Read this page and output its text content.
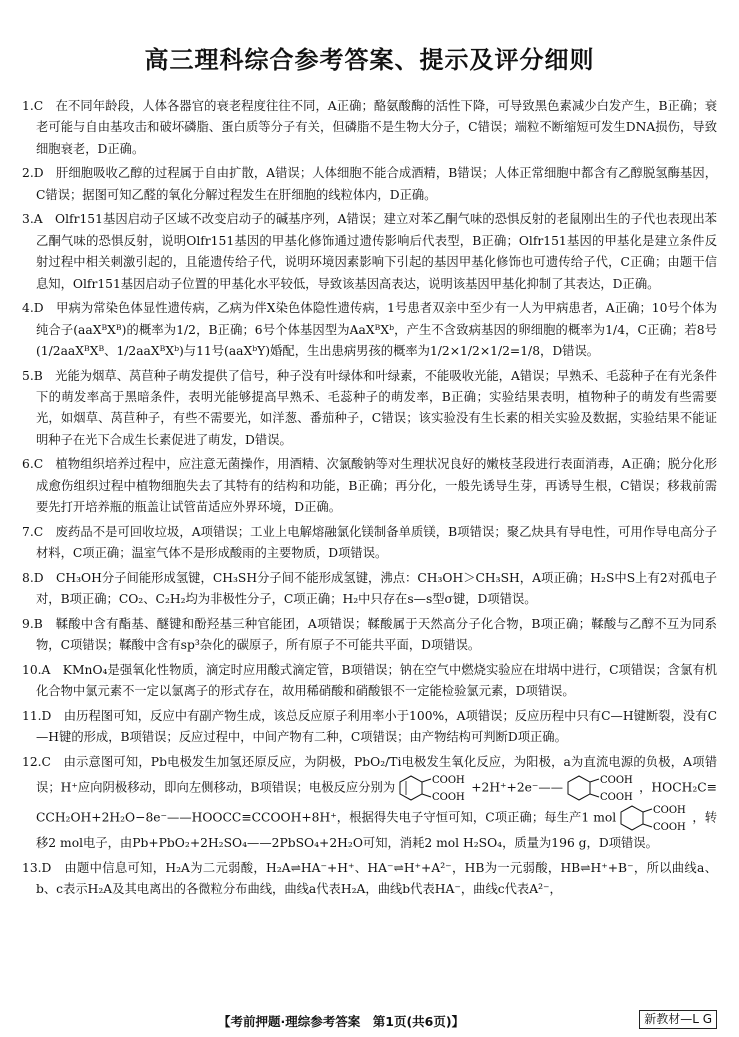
高三理科综合参考答案、提示及评分细则

1.C　 在不同年龄段，人体各器官的衰老程度往往不同，A正确；酪氨酸酶的活性下降，可导致黑色素减少白发产生，B正确；衰老可能与自由基攻击和破坏磷脂、蛋白质等分子有关，但磷脂不是生物大分子，C错误；端粒不断缩短可发生DNA损伤，导致细胞衰老，D正确。

2.D　 肝细胞吸收乙醇的过程属于自由扩散，A错误；人体细胞不能合成酒精，B错误；人体正常细胞中都含有乙醇脱氢酶基因，C错误；据图可知乙醛的氧化分解过程发生在肝细胞的线粒体内，D正确。

3.A　 Olfr151基因启动子区域不改变启动子的碱基序列，A错误；建立对苯乙酮气味的恐惧反射的老鼠刚出生的子代也表现出苯乙酮气味的恐惧反射，说明Olfr151基因的甲基化修饰通过遗传影响后代表型，B正确；Olfr151基因的甲基化是建立条件反射过程中相关刺激引起的，且能遗传给子代，说明环境因素影响下引起的基因甲基化修饰也可遗传给子代，C正确；由题干信息知，Olfr151基因启动子位置的甲基化水平较低，导致该基因高表达，说明该基因甲基化抑制了其表达，D正确。

4.D　 甲病为常染色体显性遗传病，乙病为伴X染色体隐性遗传病，1号患者双亲中至少有一人为甲病患者，A正确；10号个体为纯合子(aaXᴮXᴮ)的概率为1/2，B正确；6号个体基因型为AaXᴮXᵇ，产生不含致病基因的卵细胞的概率为1/4，C正确；若8号(1/2aaXᴮXᴮ、1/2aaXᴮXᵇ)与11号(aaXᵇY)婚配，生出患病男孩的概率为1/2×1/2×1/2=1/8，D错误。

5.B　 光能为烟草、莴苣种子萌发提供了信号，种子没有叶绿体和叶绿素，不能吸收光能，A错误；早熟禾、毛蕊种子在有光条件下的萌发率高于黑暗条件，表明光能够提高早熟禾、毛蕊种子的萌发率，B正确；实验结果表明，植物种子的萌发有些需要光，如烟草、莴苣种子，有些不需要光，如洋葱、番茄种子，C错误；该实验没有生长素的相关实验及数据，实验结果不能证明种子在光下合成生长素促进了萌发，D错误。

6.C　 植物组织培养过程中，应注意无菌操作，用酒精、次氯酸钠等对生理状况良好的嫩枝茎段进行表面消毒，A正确；脱分化形成愈伤组织过程中植物细胞失去了其特有的结构和功能，B正确；再分化，一般先诱导生芽，再诱导生根，C错误；移栽前需要先打开培养瓶的瓶盖让试管苗适应外界环境，D正确。

7.C　 废药品不是可回收垃圾，A项错误；工业上电解熔融氯化镁制备单质镁，B项错误；聚乙炔具有导电性，可用作导电高分子材料，C项正确；温室气体不是形成酸雨的主要物质，D项错误。

8.D　 CH₃OH分子间能形成氢键，CH₃SH分子间不能形成氢键，沸点：CH₃OH＞CH₃SH，A项正确；H₂S中S上有2对孤电子对，B项正确；CO₂、C₂H₂均为非极性分子，C项正确；H₂中只存在s—s型σ键，D项错误。

9.B　 鞣酸中含有酯基、醚键和酚羟基三种官能团，A项错误；鞣酸属于天然高分子化合物，B项正确；鞣酸与乙醇不互为同系物，C项错误；鞣酸中含有sp³杂化的碳原子，所有原子不可能共平面，D项错误。

10.A　 KMnO₄是强氧化性物质，滴定时应用酸式滴定管，B项错误；钠在空气中燃烧实验应在坩埚中进行，C项错误；含氯有机化合物中氯元素不一定以氯离子的形式存在，故用稀硝酸和硝酸银不一定能检验氯元素，D项错误。

11.D　 由历程图可知，反应中有副产物生成，该总反应原子利用率小于100%，A项错误；反应历程中只有C—H键断裂，没有C—H键的形成，B项错误；反应过程中，中间产物有二种，C项错误；由产物结构可判断D项正确。

12.C　 由示意图可知，Pb电极发生加氢还原反应，为阴极，PbO₂/Ti电极发生氧化反应，为阳极，a为直流电源的负极，A项错误；H⁺应向阴极移动，即向左侧移动，B项错误；电极反应分别为	COOH
COOH
+2H⁺+2e⁻——	COOH
COOH
，HOCH₂C≡CCH₂OH+2H₂O−8e⁻——HOOCC≡CCOOH+8H⁺，根据得失电子守恒可知，C项正确；每生产1 mol	COOH
COOH
，转移2 mol电子，由Pb+PbO₂+2H₂SO₄——2PbSO₄+2H₂O可知，消耗2 mol H₂SO₄，质量为196 g，D项错误。

13.D　 由题中信息可知，H₂A为二元弱酸，H₂A⇌HA⁻+H⁺、HA⁻⇌H⁺+A²⁻，HB为一元弱酸，HB⇌H⁺+B⁻，所以曲线a、b、c表示H₂A及其电离出的各微粒分布曲线，曲线a代表H₂A，曲线b代表HA⁻，曲线c代表A²⁻，

【考前押题·理综参考答案　第1页(共6页)】	新教材—L G
